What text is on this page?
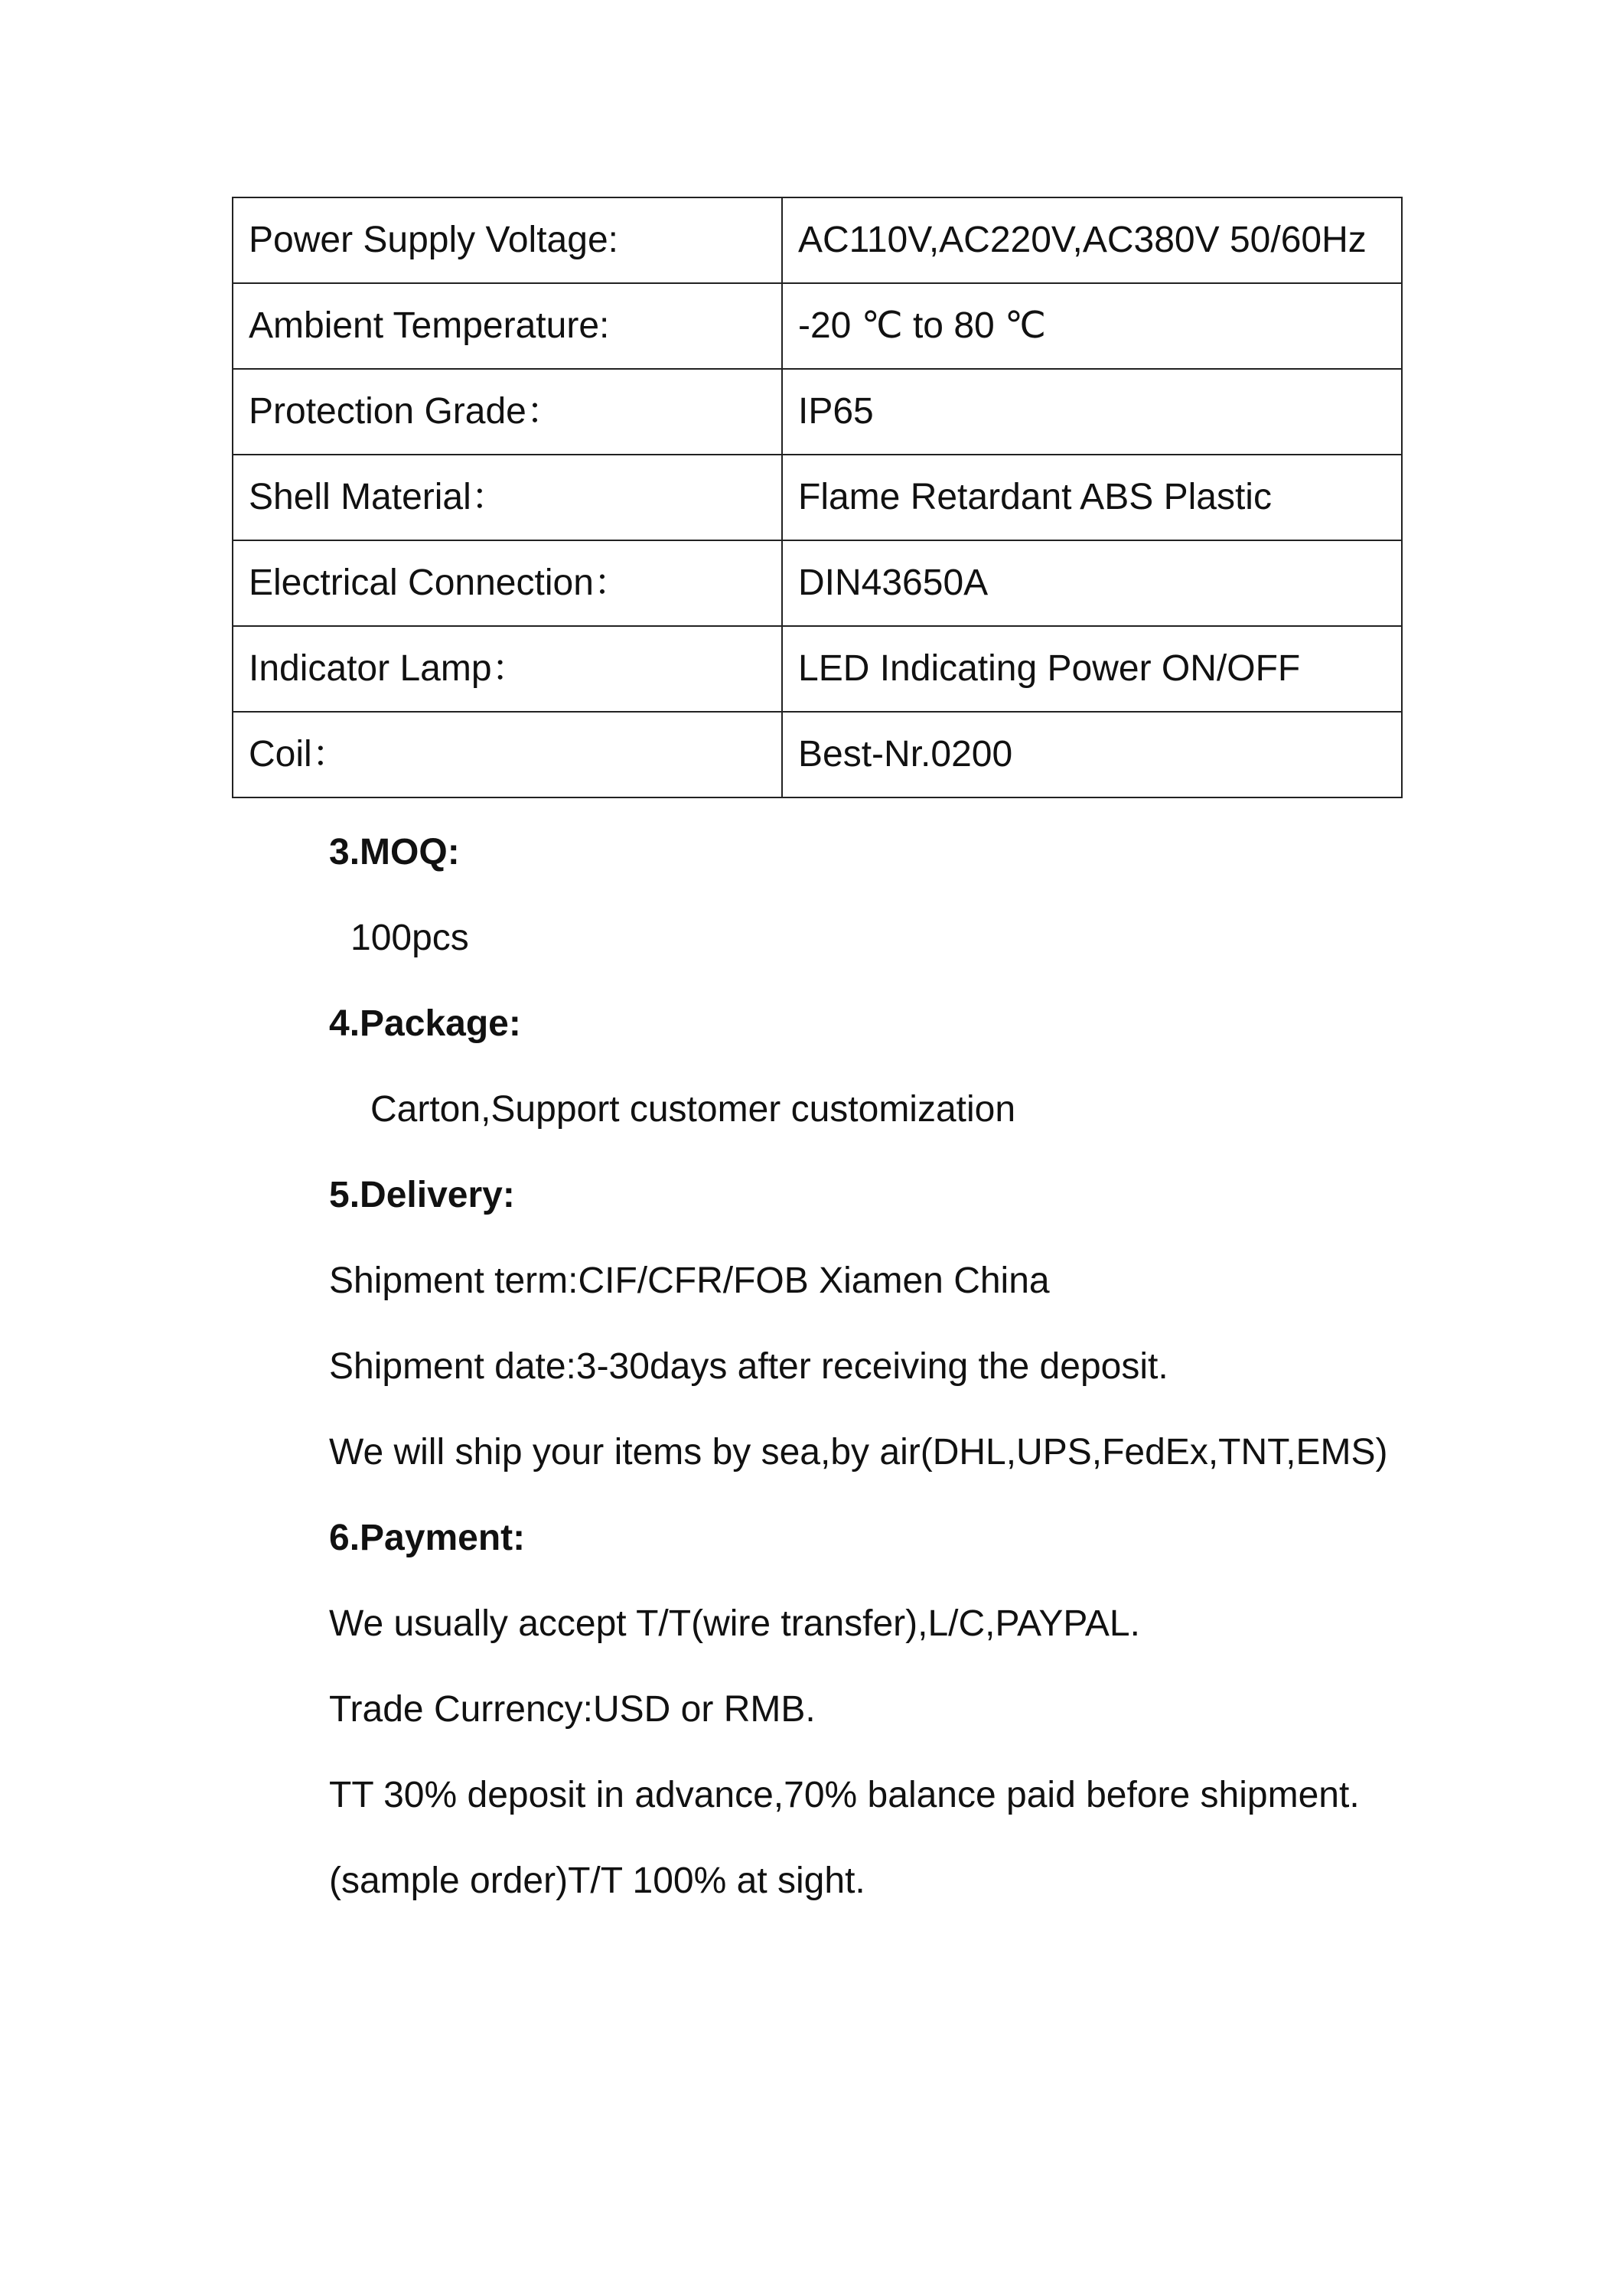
Power Supply Voltage:	AC110V,AC220V,AC380V 50/60Hz
Ambient Temperature:	-20 ℃ to 80 ℃
Protection Grade：	IP65
Shell Material：	Flame Retardant ABS Plastic
Electrical Connection：	DIN43650A
Indicator Lamp：	LED Indicating Power ON/OFF
Coil：	Best-Nr.0200
3.MOQ:
100pcs
4.Package:
Carton,Support customer customization
5.Delivery:
Shipment term:CIF/CFR/FOB Xiamen China
Shipment date:3-30days after receiving the deposit.
We will ship your items by sea,by air(DHL,UPS,FedEx,TNT,EMS)
6.Payment:
We usually accept T/T(wire transfer),L/C,PAYPAL.
Trade Currency:USD or RMB.
TT 30% deposit in advance,70% balance paid before shipment.
(sample order)T/T 100% at sight.
